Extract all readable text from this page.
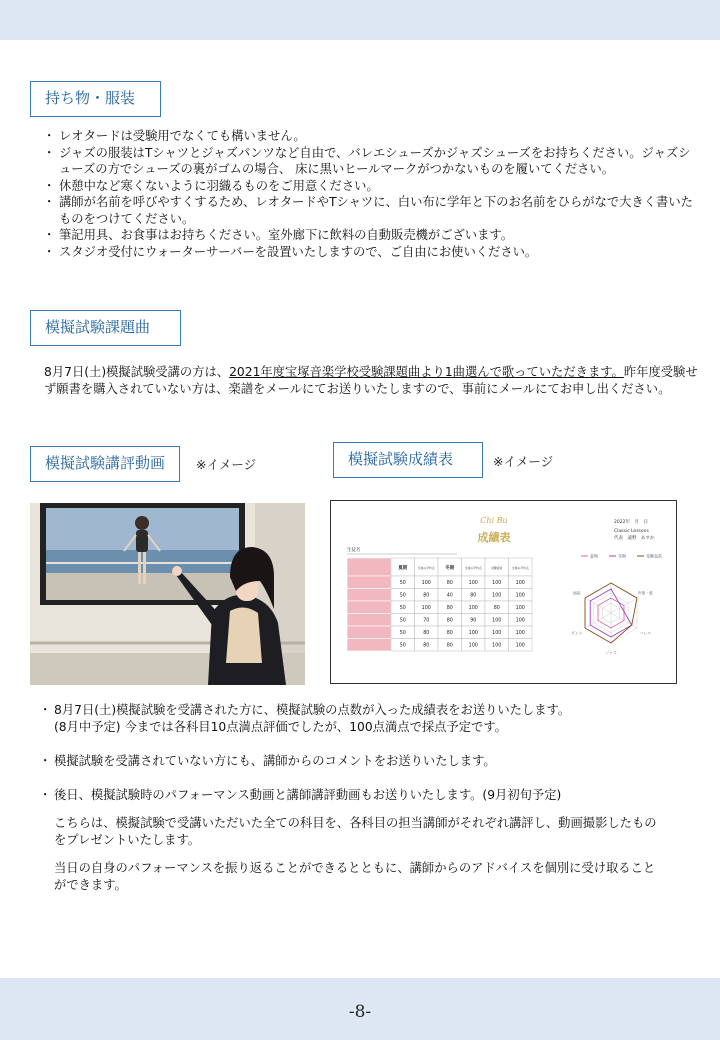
持ち物・服装
・ レオタードは受験用でなくても構いません。
・ ジャズの服装はTシャツとジャズパンツなど自由で、バレエシューズかジャズシューズをお持ちください。ジャズシューズの方でシューズの裏がゴムの場合、 床に黒いヒールマークがつかないものを履いてください。
・ 休憩中など寒くないように羽織るものをご用意ください。
・ 講師が名前を呼びやすくするため、レオタードやTシャツに、白い布に学年と下のお名前をひらがなで大きく書いたものをつけてください。
・ 筆記用具、お食事はお持ちください。室外廊下に飲料の自動販売機がございます。
・ スタジオ受付にウォーターサーバーを設置いたしますので、ご自由にお使いください。
模擬試験課題曲

8月7日(土)模擬試験受講の方は、2021年度宝塚音楽学校受験課題曲より1曲選んで歌っていただきます。昨年度受験せず願書を購入されていない方は、楽譜をメールにてお送りいたしますので、事前にメールにてお申し出ください。

模擬試験講評動画	※イメージ	模擬試験成績表	※イメージ
Chi Bu
成績表
2022年　月　日
Classic Lessons
代表　遠野　あすか
生徒名
夏期	全体の平均点 冬期	全体の平均点	受験直前	全体の平均点
50	100	80	100	100	100
50	80	40	80	100	100
50	100	80	100	80	100
50	70	80	90	100	100
50	80	80	100	100	100
50	80	80	100	100	100
夏期	冬期	受験直前
声楽・歌
バレエ
ジャズ
ダンス
面接

・ 8月7日(土)模擬試験を受講された方に、模擬試験の点数が入った成績表をお送りいたします。

(8月中予定) 今までは各科目10点満点評価でしたが、100点満点で採点予定です。

・ 模擬試験を受講されていない方にも、講師からのコメントをお送りいたします。

・ 後日、模擬試験時のパフォーマンス動画と講師講評動画もお送りいたします。(9月初旬予定)

こちらは、模擬試験で受講いただいた全ての科目を、各科目の担当講師がそれぞれ講評し、動画撮影したものをプレゼントいたします。

当日の自身のパフォーマンスを振り返ることができるとともに、講師からのアドバイスを個別に受け取ることができます。

-8-
